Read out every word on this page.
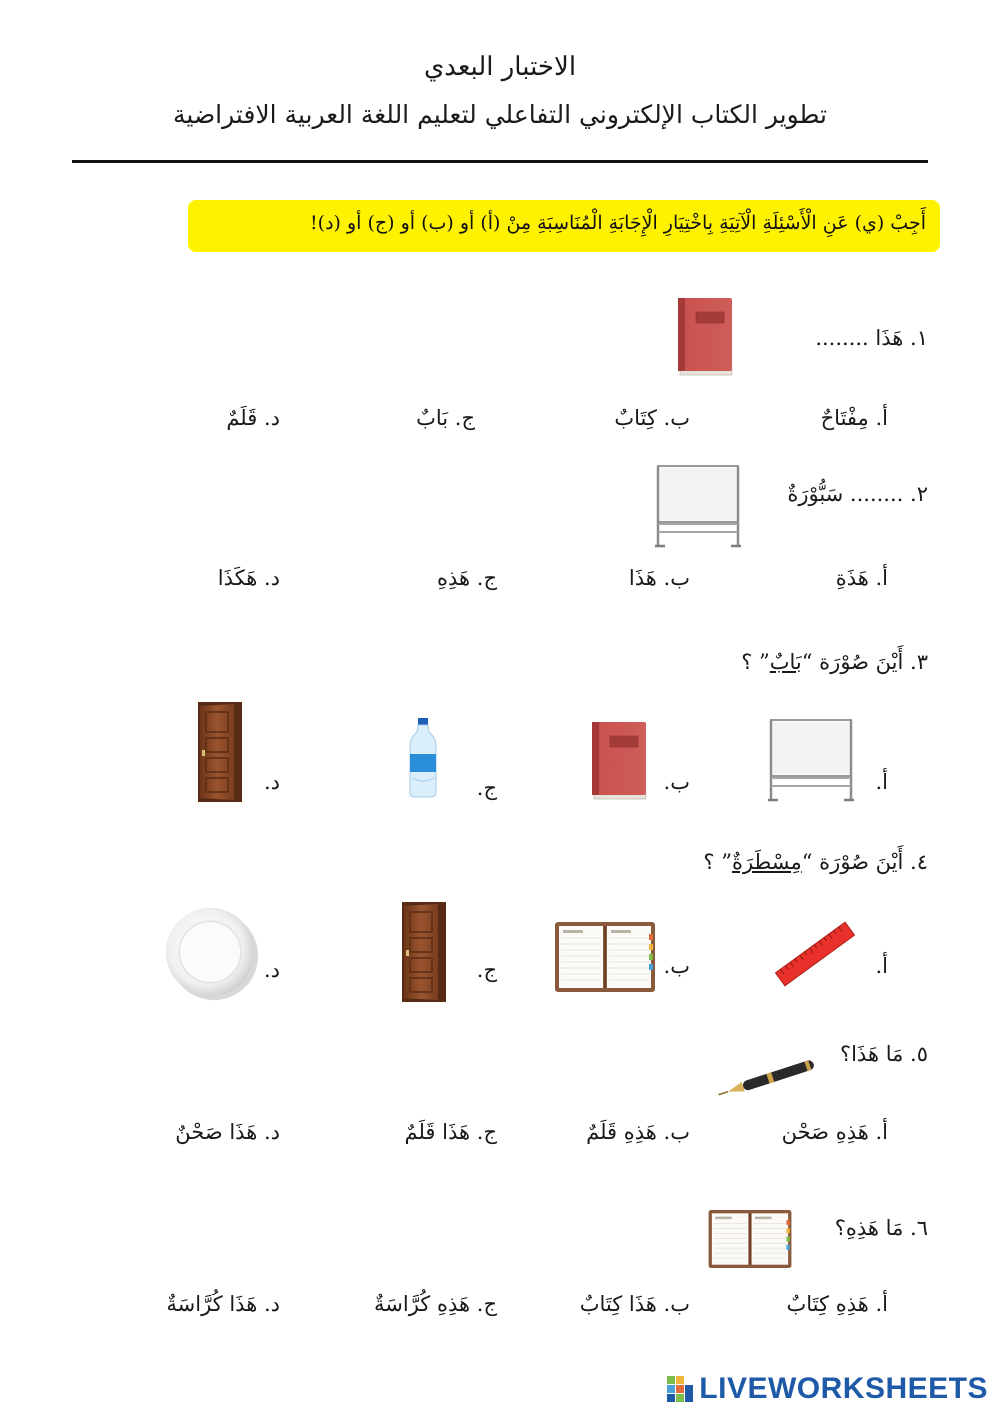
الاختبار البعدي
تطوير الكتاب الإلكتروني التفاعلي لتعليم اللغة العربية الافتراضية
أَجِبْ (ي) عَنِ الْأَسْئِلَةِ الْآتِيَةِ بِاخْتِيَارِ الْإِجَابَةِ الْمُنَاسِبَةِ مِنْ (أ) أو (ب) أو (ج) أو (د)!
١. هَذَا ........
أ. مِفْتَاحٌ
ب. كِتَابٌ
ج. بَابٌ
د. قَلَمٌ
٢. ........ سَبُّوْرَةٌ
أ. هَذَةِ
ب. هَذَا
ج. هَذِهِ
د. هَكَذَا
٣. أَيْنَ صُوْرَة “بَابٌ” ؟
أ.
ب.
ج.
د.
٤. أَيْنَ صُوْرَة “مِسْطَرَةٌ” ؟
أ.
ب.
ج.
د.
٥. مَا هَذَا؟
أ. هَذِهِ صَحْن
ب. هَذِهِ قَلَمٌ
ج. هَذَا قَلَمٌ
د. هَذَا صَحْنٌ
٦. مَا هَذِهِ؟
أ. هَذِهِ كِتَابٌ
ب. هَذَا كِتَابٌ
ج. هَذِهِ كُرَّاسَةٌ
د. هَذَا كُرَّاسَةٌ
LIVEWORKSHEETS
